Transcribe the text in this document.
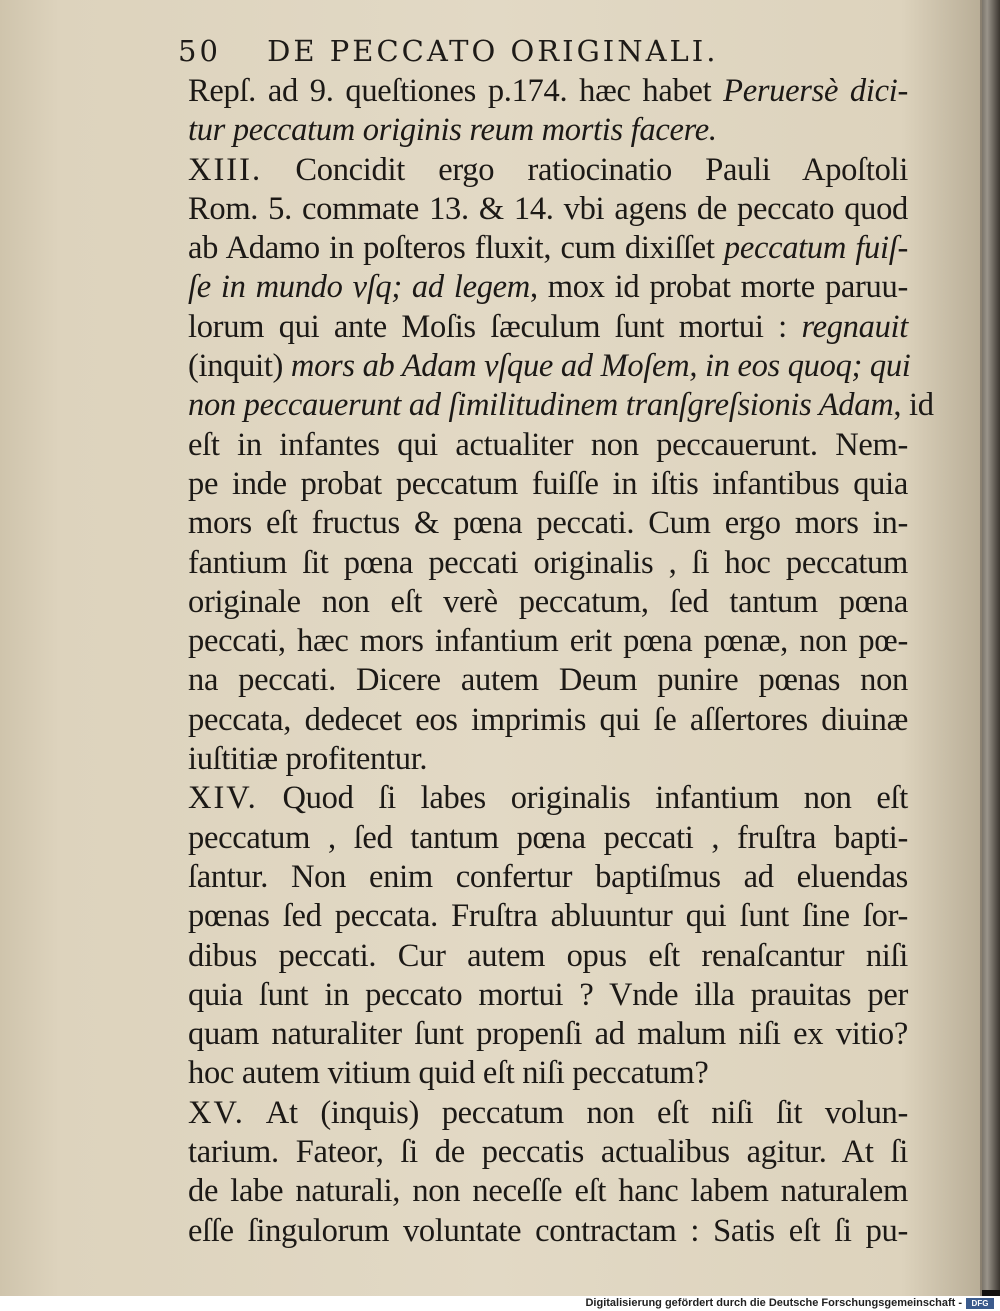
50 DE PECCATO ORIGINALI.
Repſ. ad 9. queſtiones p.174. hæc habet Peruersè dici-
tur peccatum originis reum mortis facere.
XIII. Concidit ergo ratiocinatio Pauli Apoſtoli
Rom. 5. commate 13. & 14. vbi agens de peccato quod
ab Adamo in poſteros fluxit, cum dixiſſet peccatum fuiſ-
ſe in mundo vſq; ad legem, mox id probat morte paruu-
lorum qui ante Moſis ſæculum ſunt mortui : regnauit
(inquit) mors ab Adam vſque ad Moſem, in eos quoq; qui
non peccauerunt ad ſimilitudinem tranſgreſsionis Adam, id
eſt in infantes qui actualiter non peccauerunt. Nem-
pe inde probat peccatum fuiſſe in iſtis infantibus quia
mors eſt fructus & pœna peccati. Cum ergo mors in-
fantium ſit pœna peccati originalis , ſi hoc peccatum
originale non eſt verè peccatum, ſed tantum pœna
peccati, hæc mors infantium erit pœna pœnæ, non pœ-
na peccati. Dicere autem Deum punire pœnas non
peccata, dedecet eos imprimis qui ſe aſſertores diuinæ
iuſtitiæ profitentur.
XIV. Quod ſi labes originalis infantium non eſt
peccatum , ſed tantum pœna peccati , fruſtra bapti-
ſantur. Non enim confertur baptiſmus ad eluendas
pœnas ſed peccata. Fruſtra abluuntur qui ſunt ſine ſor-
dibus peccati. Cur autem opus eſt renaſcantur niſi
quia ſunt in peccato mortui ? Vnde illa prauitas per
quam naturaliter ſunt propenſi ad malum niſi ex vitio?
hoc autem vitium quid eſt niſi peccatum?
XV. At (inquis) peccatum non eſt niſi ſit volun-
tarium. Fateor, ſi de peccatis actualibus agitur. At ſi
de labe naturali, non neceſſe eſt hanc labem naturalem
eſſe ſingulorum voluntate contractam : Satis eſt ſi pu-
Digitalisierung gefördert durch die Deutsche Forschungsgemeinschaft -	DFG
